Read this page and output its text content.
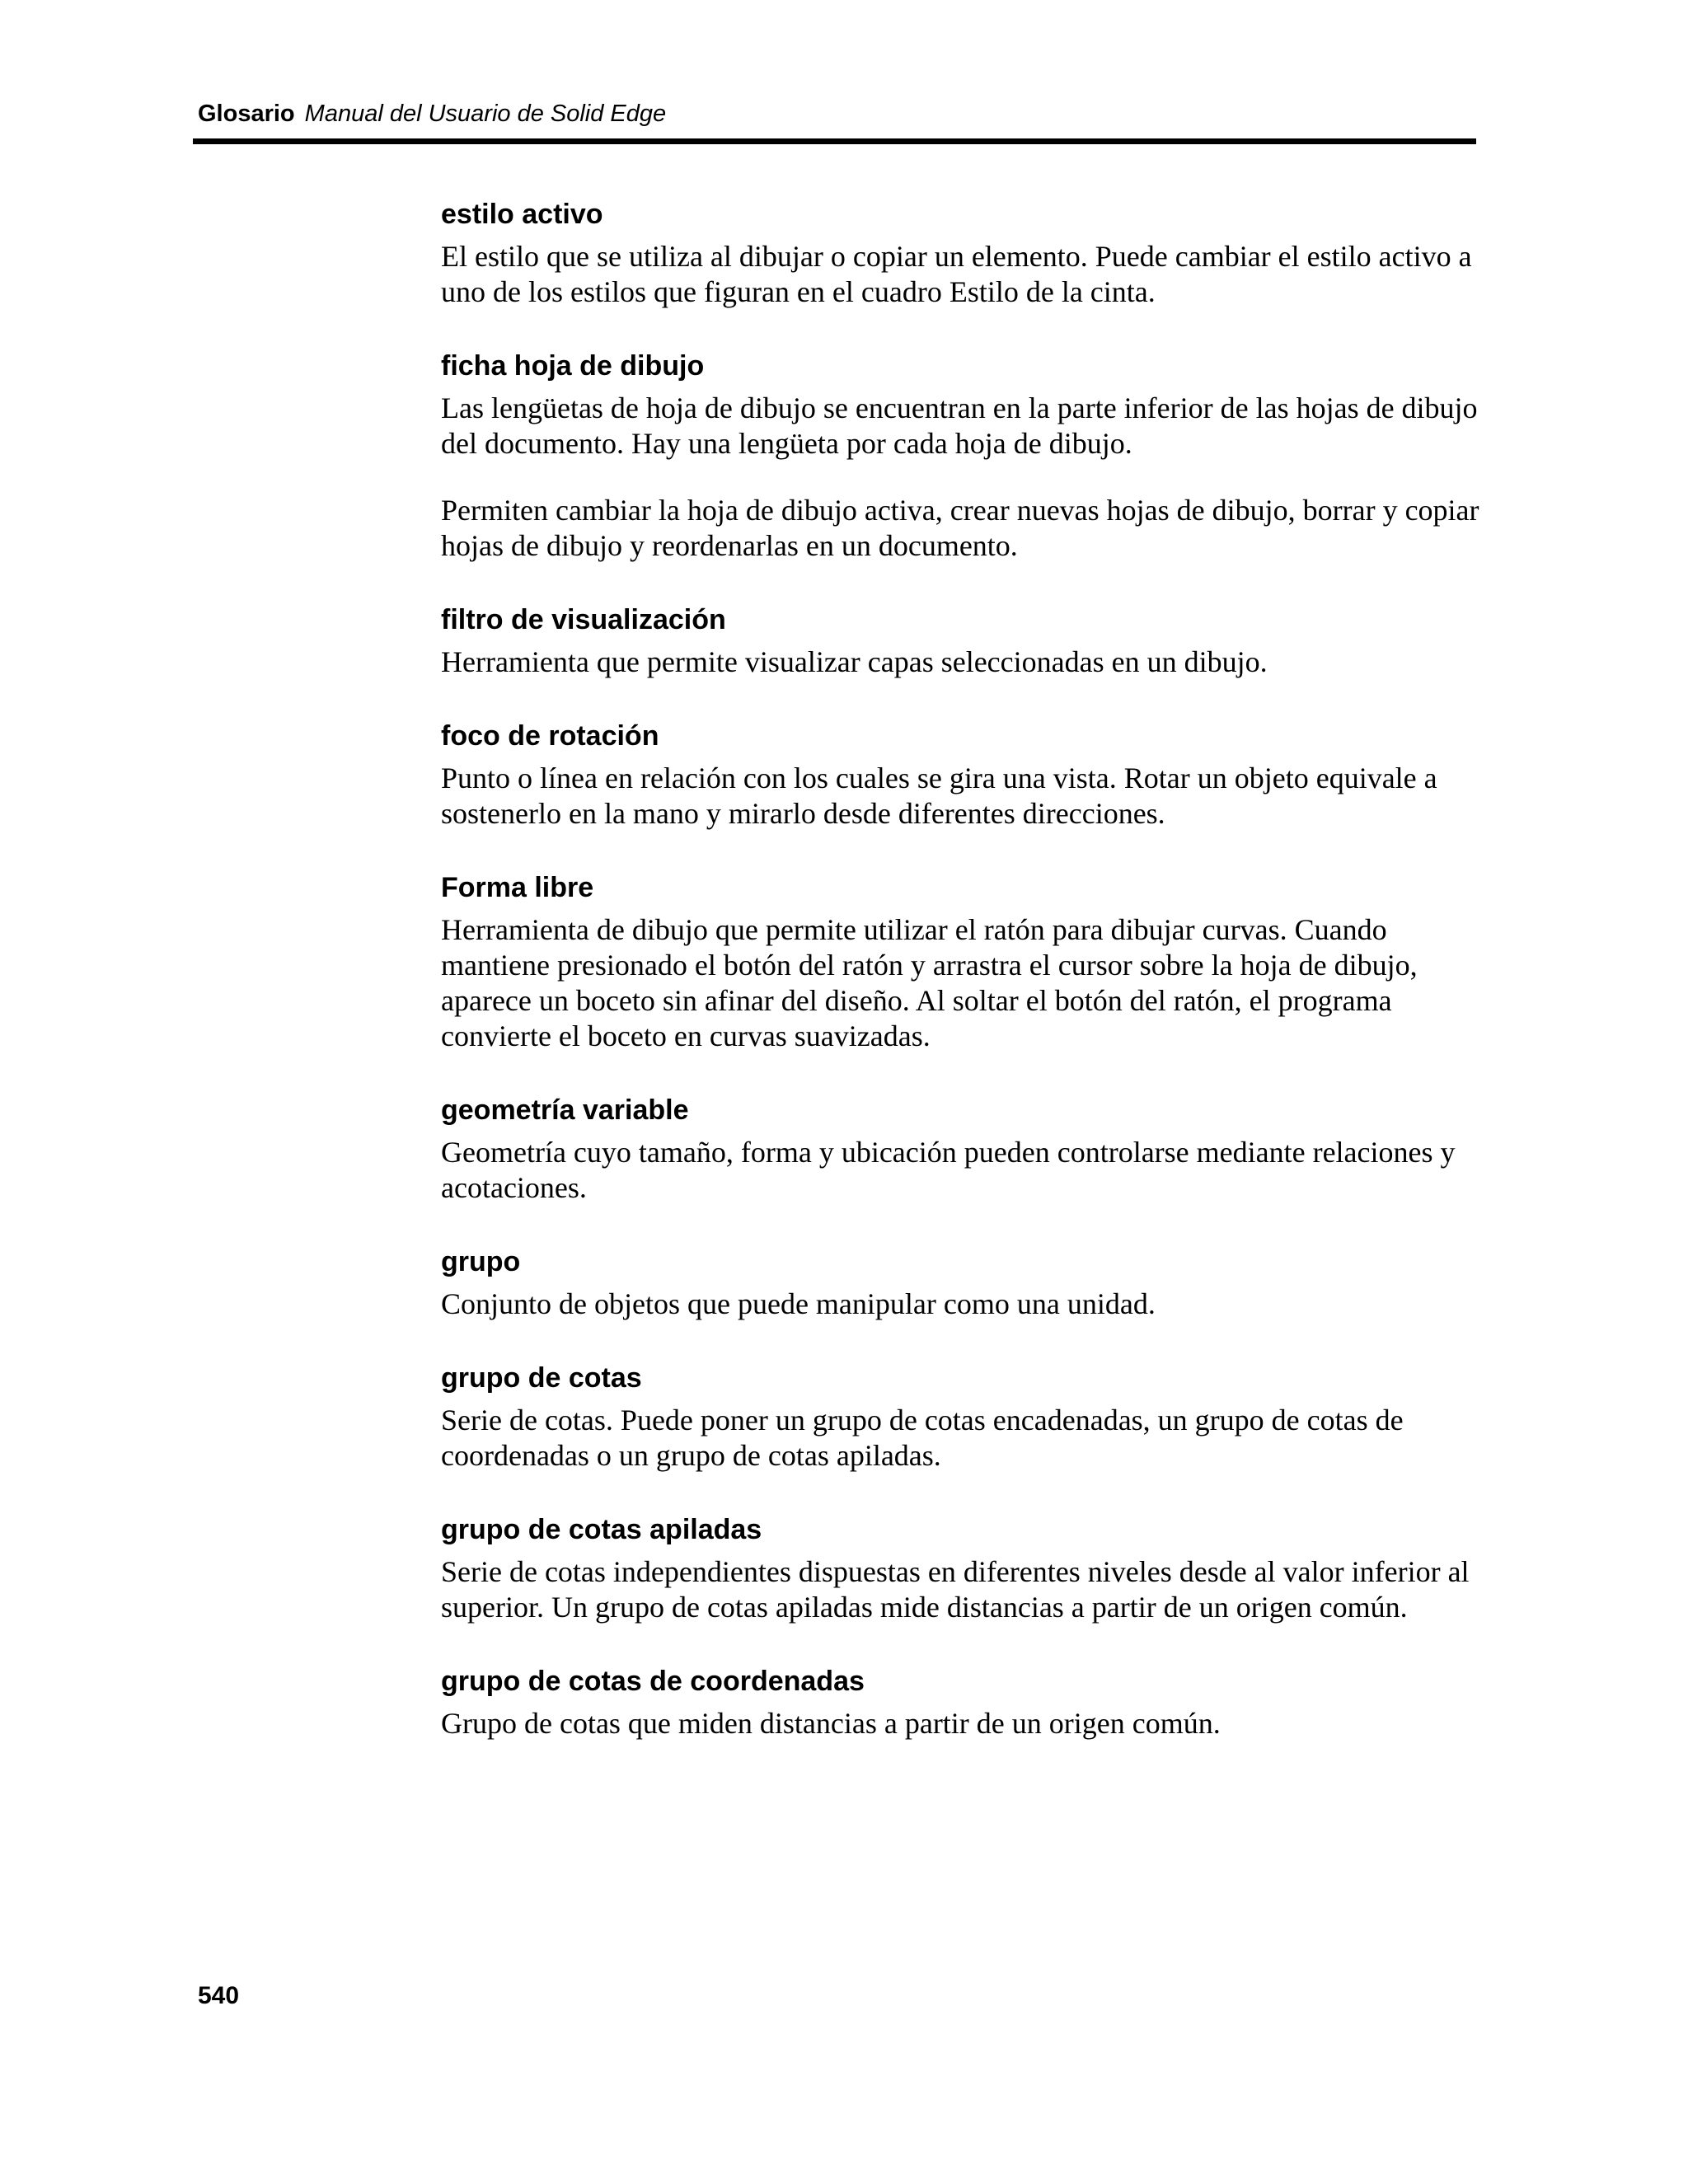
Glosario Manual del Usuario de Solid Edge
estilo activo

El estilo que se utiliza al dibujar o copiar un elemento. Puede cambiar el estilo activo a uno de los estilos que figuran en el cuadro Estilo de la cinta.

ficha hoja de dibujo

Las lengüetas de hoja de dibujo se encuentran en la parte inferior de las hojas de dibujo del documento. Hay una lengüeta por cada hoja de dibujo.

Permiten cambiar la hoja de dibujo activa, crear nuevas hojas de dibujo, borrar y copiar hojas de dibujo y reordenarlas en un documento.

filtro de visualización

Herramienta que permite visualizar capas seleccionadas en un dibujo.

foco de rotación

Punto o línea en relación con los cuales se gira una vista. Rotar un objeto equivale a sostenerlo en la mano y mirarlo desde diferentes direcciones.

Forma libre

Herramienta de dibujo que permite utilizar el ratón para dibujar curvas. Cuando mantiene presionado el botón del ratón y arrastra el cursor sobre la hoja de dibujo, aparece un boceto sin afinar del diseño. Al soltar el botón del ratón, el programa convierte el boceto en curvas suavizadas.

geometría variable

Geometría cuyo tamaño, forma y ubicación pueden controlarse mediante relaciones y acotaciones.

grupo

Conjunto de objetos que puede manipular como una unidad.

grupo de cotas

Serie de cotas. Puede poner un grupo de cotas encadenadas, un grupo de cotas de coordenadas o un grupo de cotas apiladas.

grupo de cotas apiladas

Serie de cotas independientes dispuestas en diferentes niveles desde al valor inferior al superior. Un grupo de cotas apiladas mide distancias a partir de un origen común.

grupo de cotas de coordenadas

Grupo de cotas que miden distancias a partir de un origen común.

540
